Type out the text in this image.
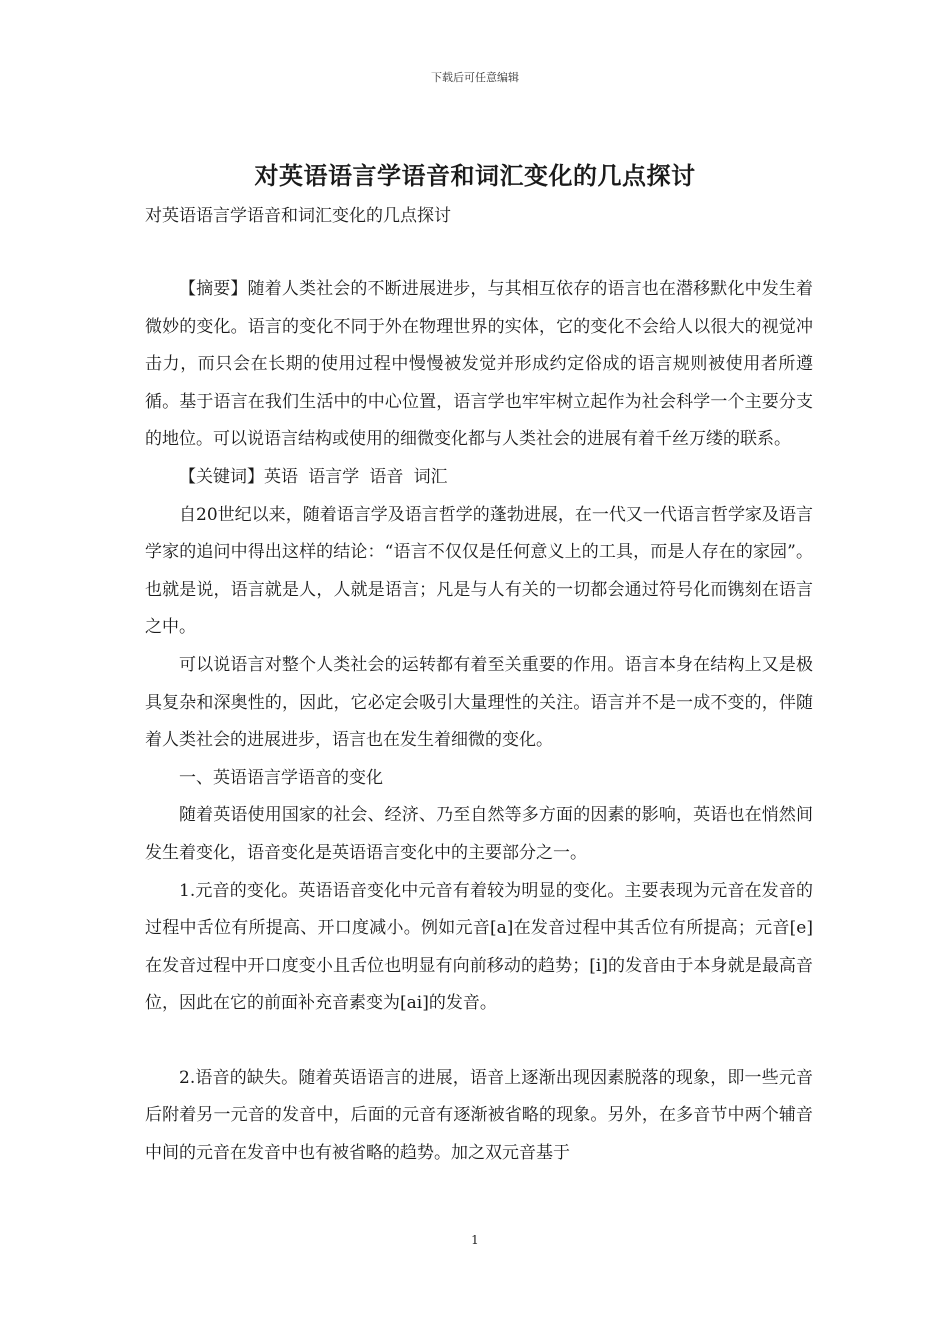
下载后可任意编辑
对英语语言学语音和词汇变化的几点探讨
对英语语言学语音和词汇变化的几点探讨

【摘要】随着人类社会的不断进展进步，与其相互依存的语言也在潜移默化中发生着微妙的变化。语言的变化不同于外在物理世界的实体，它的变化不会给人以很大的视觉冲击力，而只会在长期的使用过程中慢慢被发觉并形成约定俗成的语言规则被使用者所遵循。基于语言在我们生活中的中心位置，语言学也牢牢树立起作为社会科学一个主要分支的地位。可以说语言结构或使用的细微变化都与人类社会的进展有着千丝万缕的联系。

【关键词】英语 语言学 语音 词汇

自20世纪以来，随着语言学及语言哲学的蓬勃进展，在一代又一代语言哲学家及语言学家的追问中得出这样的结论：“语言不仅仅是任何意义上的工具，而是人存在的家园”。也就是说，语言就是人，人就是语言；凡是与人有关的一切都会通过符号化而镌刻在语言之中。

可以说语言对整个人类社会的运转都有着至关重要的作用。语言本身在结构上又是极具复杂和深奥性的，因此，它必定会吸引大量理性的关注。语言并不是一成不变的，伴随着人类社会的进展进步，语言也在发生着细微的变化。

一、英语语言学语音的变化

随着英语使用国家的社会、经济、乃至自然等多方面的因素的影响，英语也在悄然间发生着变化，语音变化是英语语言变化中的主要部分之一。

1.元音的变化。英语语音变化中元音有着较为明显的变化。主要表现为元音在发音的过程中舌位有所提高、开口度减小。例如元音[a]在发音过程中其舌位有所提高；元音[e]在发音过程中开口度变小且舌位也明显有向前移动的趋势；[i]的发音由于本身就是最高音位，因此在它的前面补充音素变为[ai]的发音。

2.语音的缺失。随着英语语言的进展，语音上逐渐出现因素脱落的现象，即一些元音后附着另一元音的发音中，后面的元音有逐渐被省略的现象。另外，在多音节中两个辅音中间的元音在发音中也有被省略的趋势。加之双元音基于

1
